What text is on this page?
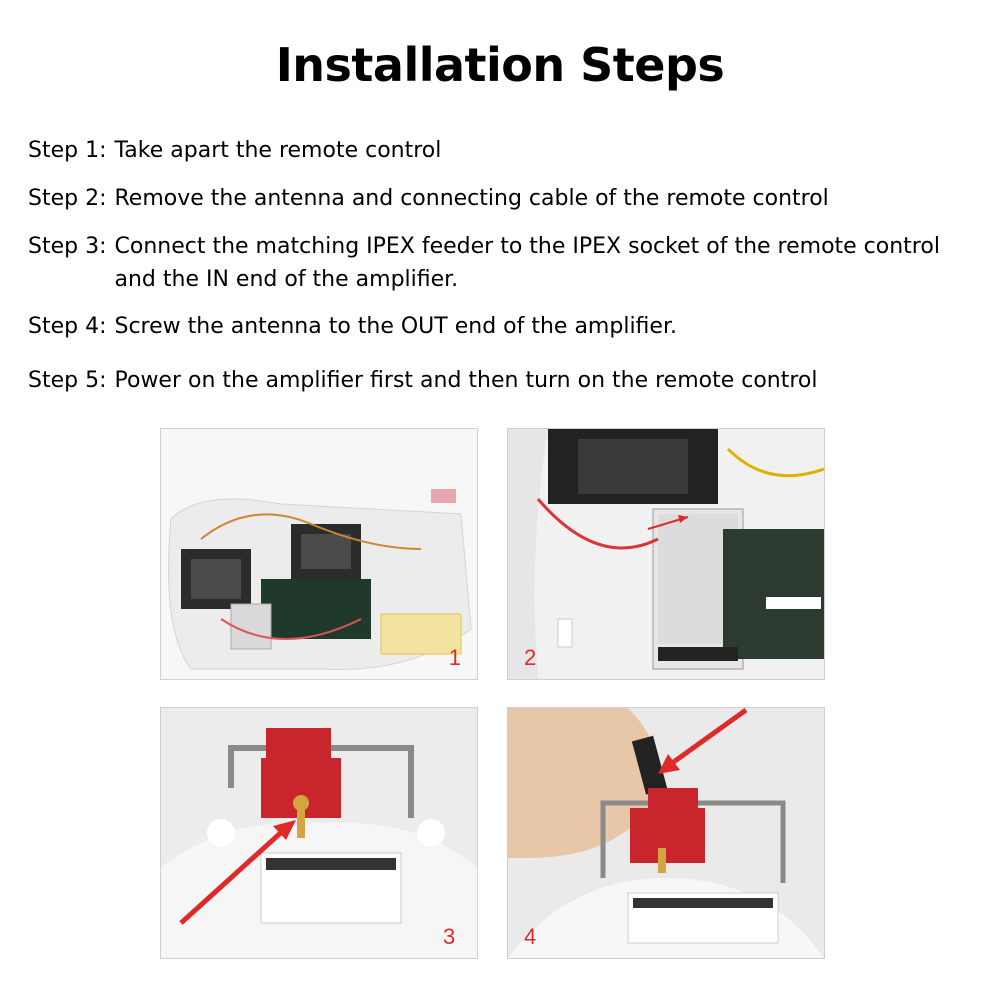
Installation Steps
Step 1: Take apart the remote control
Step 2: Remove the antenna and connecting cable of the remote control
Step 3: Connect the matching IPEX feeder to the IPEX socket of the remote control and the IN end of the amplifier.
Step 4: Screw the antenna to the OUT end of the amplifier.
Step 5: Power on the amplifier first and then turn on the remote control
1	2
3	4
